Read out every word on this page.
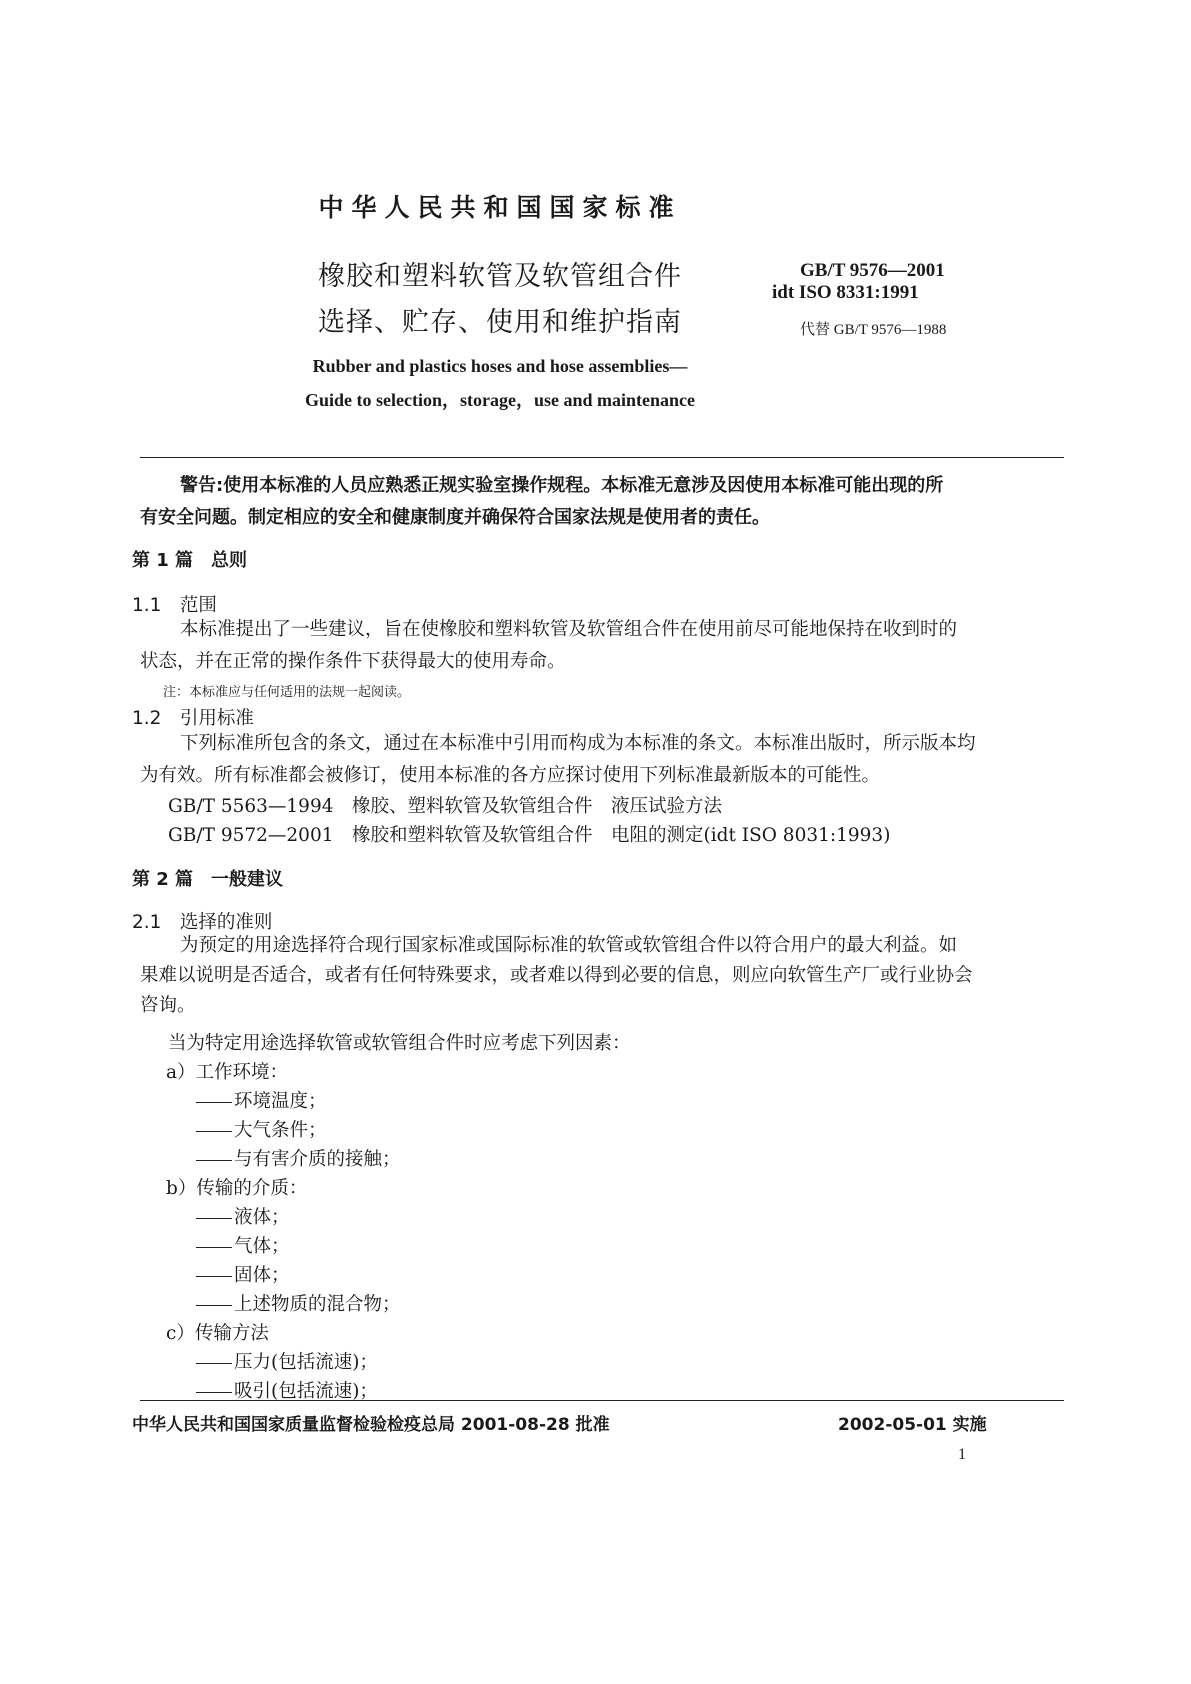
中华人民共和国国家标准
橡胶和塑料软管及软管组合件
选择、贮存、使用和维护指南
GB/T 9576—2001
idt ISO 8331:1991
代替 GB/T 9576—1988
Rubber and plastics hoses and hose assemblies—
Guide to selection，storage，use and maintenance
警告:使用本标准的人员应熟悉正规实验室操作规程。本标准无意涉及因使用本标准可能出现的所
有安全问题。制定相应的安全和健康制度并确保符合国家法规是使用者的责任。
第 1 篇　总则
1.1　范围
本标准提出了一些建议，旨在使橡胶和塑料软管及软管组合件在使用前尽可能地保持在收到时的
状态，并在正常的操作条件下获得最大的使用寿命。
注：本标准应与任何适用的法规一起阅读。
1.2　引用标准
下列标准所包含的条文，通过在本标准中引用而构成为本标准的条文。本标准出版时，所示版本均
为有效。所有标准都会被修订，使用本标准的各方应探讨使用下列标准最新版本的可能性。
GB/T 5563—1994　橡胶、塑料软管及软管组合件　液压试验方法
GB/T 9572—2001　橡胶和塑料软管及软管组合件　电阻的测定(idt ISO 8031:1993)
第 2 篇　一般建议
2.1　选择的准则
为预定的用途选择符合现行国家标准或国际标准的软管或软管组合件以符合用户的最大利益。如
果难以说明是否适合，或者有任何特殊要求，或者难以得到必要的信息，则应向软管生产厂或行业协会
咨询。
当为特定用途选择软管或软管组合件时应考虑下列因素：
a）工作环境：
环境温度；
大气条件；
与有害介质的接触；
b）传输的介质：
液体；
气体；
固体；
上述物质的混合物；
c）传输方法
压力(包括流速)；
吸引(包括流速)；
中华人民共和国国家质量监督检验检疫总局 2001-08-28 批准	2002-05-01 实施
1
